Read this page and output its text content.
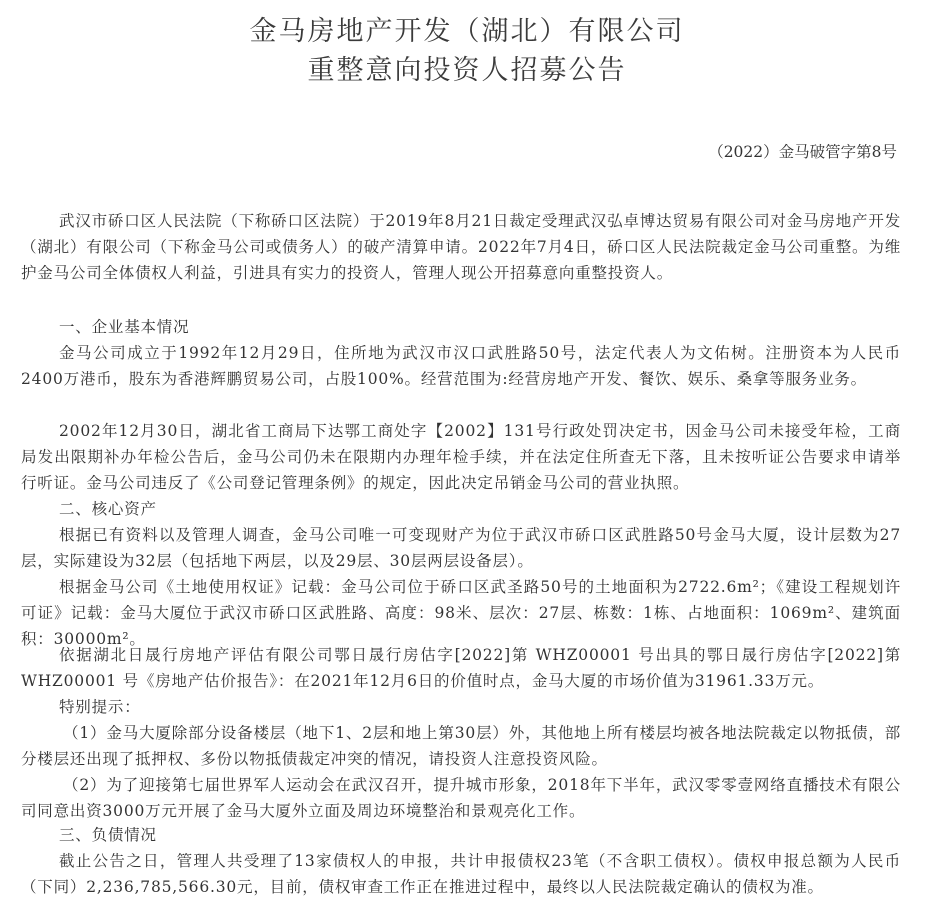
金马房地产开发（湖北）有限公司
重整意向投资人招募公告
（2022）金马破管字第8号

武汉市硚口区人民法院（下称硚口区法院）于2019年8月21日裁定受理武汉弘卓博达贸易有限公司对金马房地产开发（湖北）有限公司（下称金马公司或债务人）的破产清算申请。2022年7月4日，硚口区人民法院裁定金马公司重整。为维护金马公司全体债权人利益，引进具有实力的投资人，管理人现公开招募意向重整投资人。

一、企业基本情况

金马公司成立于1992年12月29日，住所地为武汉市汉口武胜路50号，法定代表人为文佑树。注册资本为人民币2400万港币，股东为香港辉鹏贸易公司，占股100%。经营范围为:经营房地产开发、餐饮、娱乐、桑拿等服务业务。

2002年12月30日，湖北省工商局下达鄂工商处字【2002】131号行政处罚决定书，因金马公司未接受年检，工商局发出限期补办年检公告后，金马公司仍未在限期内办理年检手续，并在法定住所查无下落，且未按听证公告要求申请举行听证。金马公司违反了《公司登记管理条例》的规定，因此决定吊销金马公司的营业执照。

二、核心资产

根据已有资料以及管理人调查，金马公司唯一可变现财产为位于武汉市硚口区武胜路50号金马大厦，设计层数为27层，实际建设为32层（包括地下两层，以及29层、30层两层设备层）。

根据金马公司《土地使用权证》记载：金马公司位于硚口区武圣路50号的土地面积为2722.6m²；《建设工程规划许可证》记载：金马大厦位于武汉市硚口区武胜路、高度：98米、层次：27层、栋数：1栋、占地面积：1069m²、建筑面积：30000m²。

依据湖北日晟行房地产评估有限公司鄂日晟行房估字[2022]第 WHZ00001 号出具的鄂日晟行房估字[2022]第 WHZ00001 号《房地产估价报告》：在2021年12月6日的价值时点，金马大厦的市场价值为31961.33万元。

特别提示：

（1）金马大厦除部分设备楼层（地下1、2层和地上第30层）外，其他地上所有楼层均被各地法院裁定以物抵债，部分楼层还出现了抵押权、多份以物抵债裁定冲突的情况，请投资人注意投资风险。

（2）为了迎接第七届世界军人运动会在武汉召开，提升城市形象，2018年下半年，武汉零零壹网络直播技术有限公司同意出资3000万元开展了金马大厦外立面及周边环境整治和景观亮化工作。

三、负债情况

截止公告之日，管理人共受理了13家债权人的申报，共计申报债权23笔（不含职工债权）。债权申报总额为人民币（下同）2,236,785,566.30元，目前，债权审查工作正在推进过程中，最终以人民法院裁定确认的债权为准。
